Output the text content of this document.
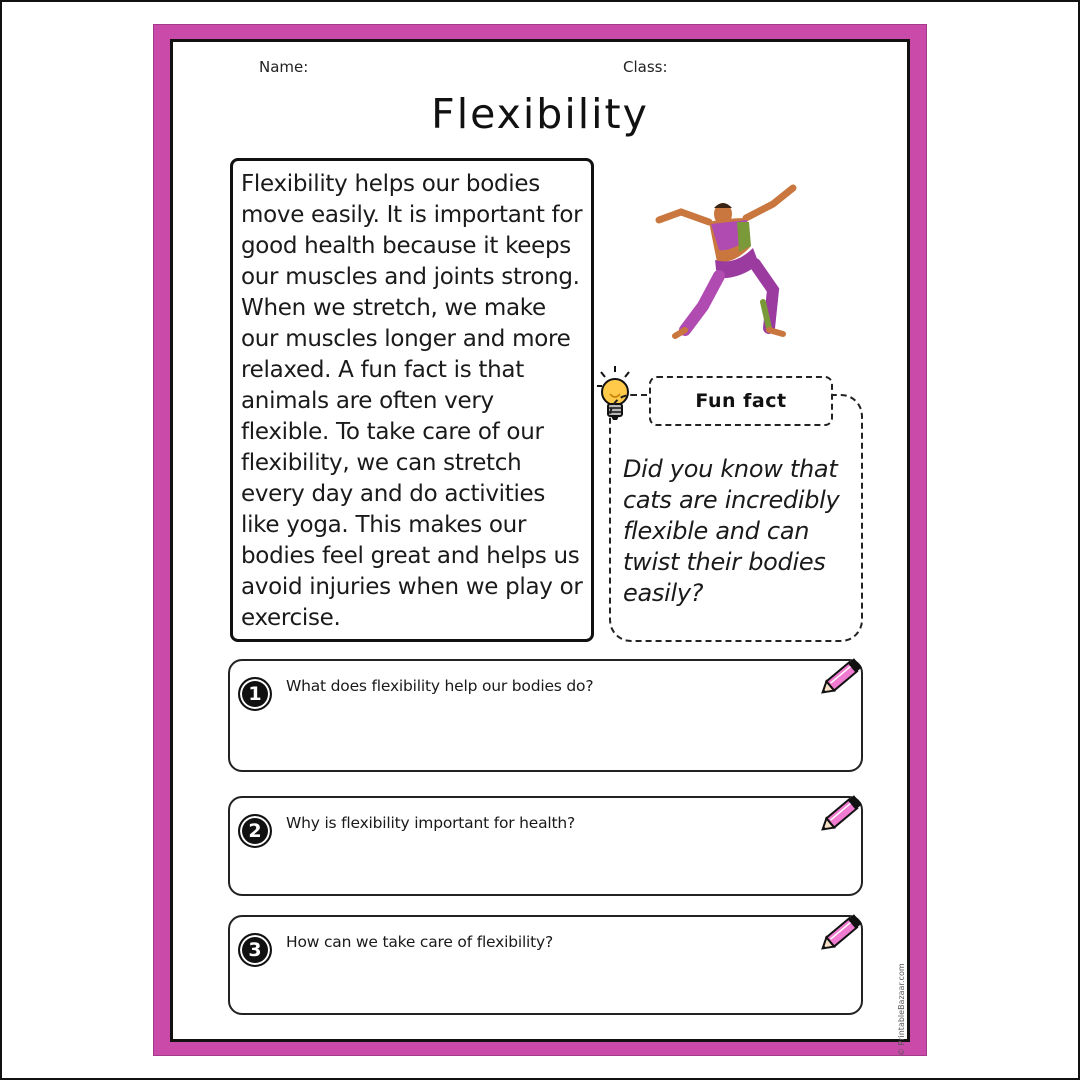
Name:	Class:
Flexibility

Flexibility helps our bodies move easily. It is important for good health because it keeps our muscles and joints strong. When we stretch, we make our muscles longer and more relaxed. A fun fact is that animals are often very flexible. To take care of our flexibility, we can stretch every day and do activities like yoga. This makes our bodies feel great and helps us avoid injuries when we play or exercise.

Did you know that cats are incredibly flexible and can twist their bodies easily?

Fun fact
1	What does flexibility help our bodies do?
2	Why is flexibility important for health?
3	How can we take care of flexibility?
© PrintableBazaar.com
